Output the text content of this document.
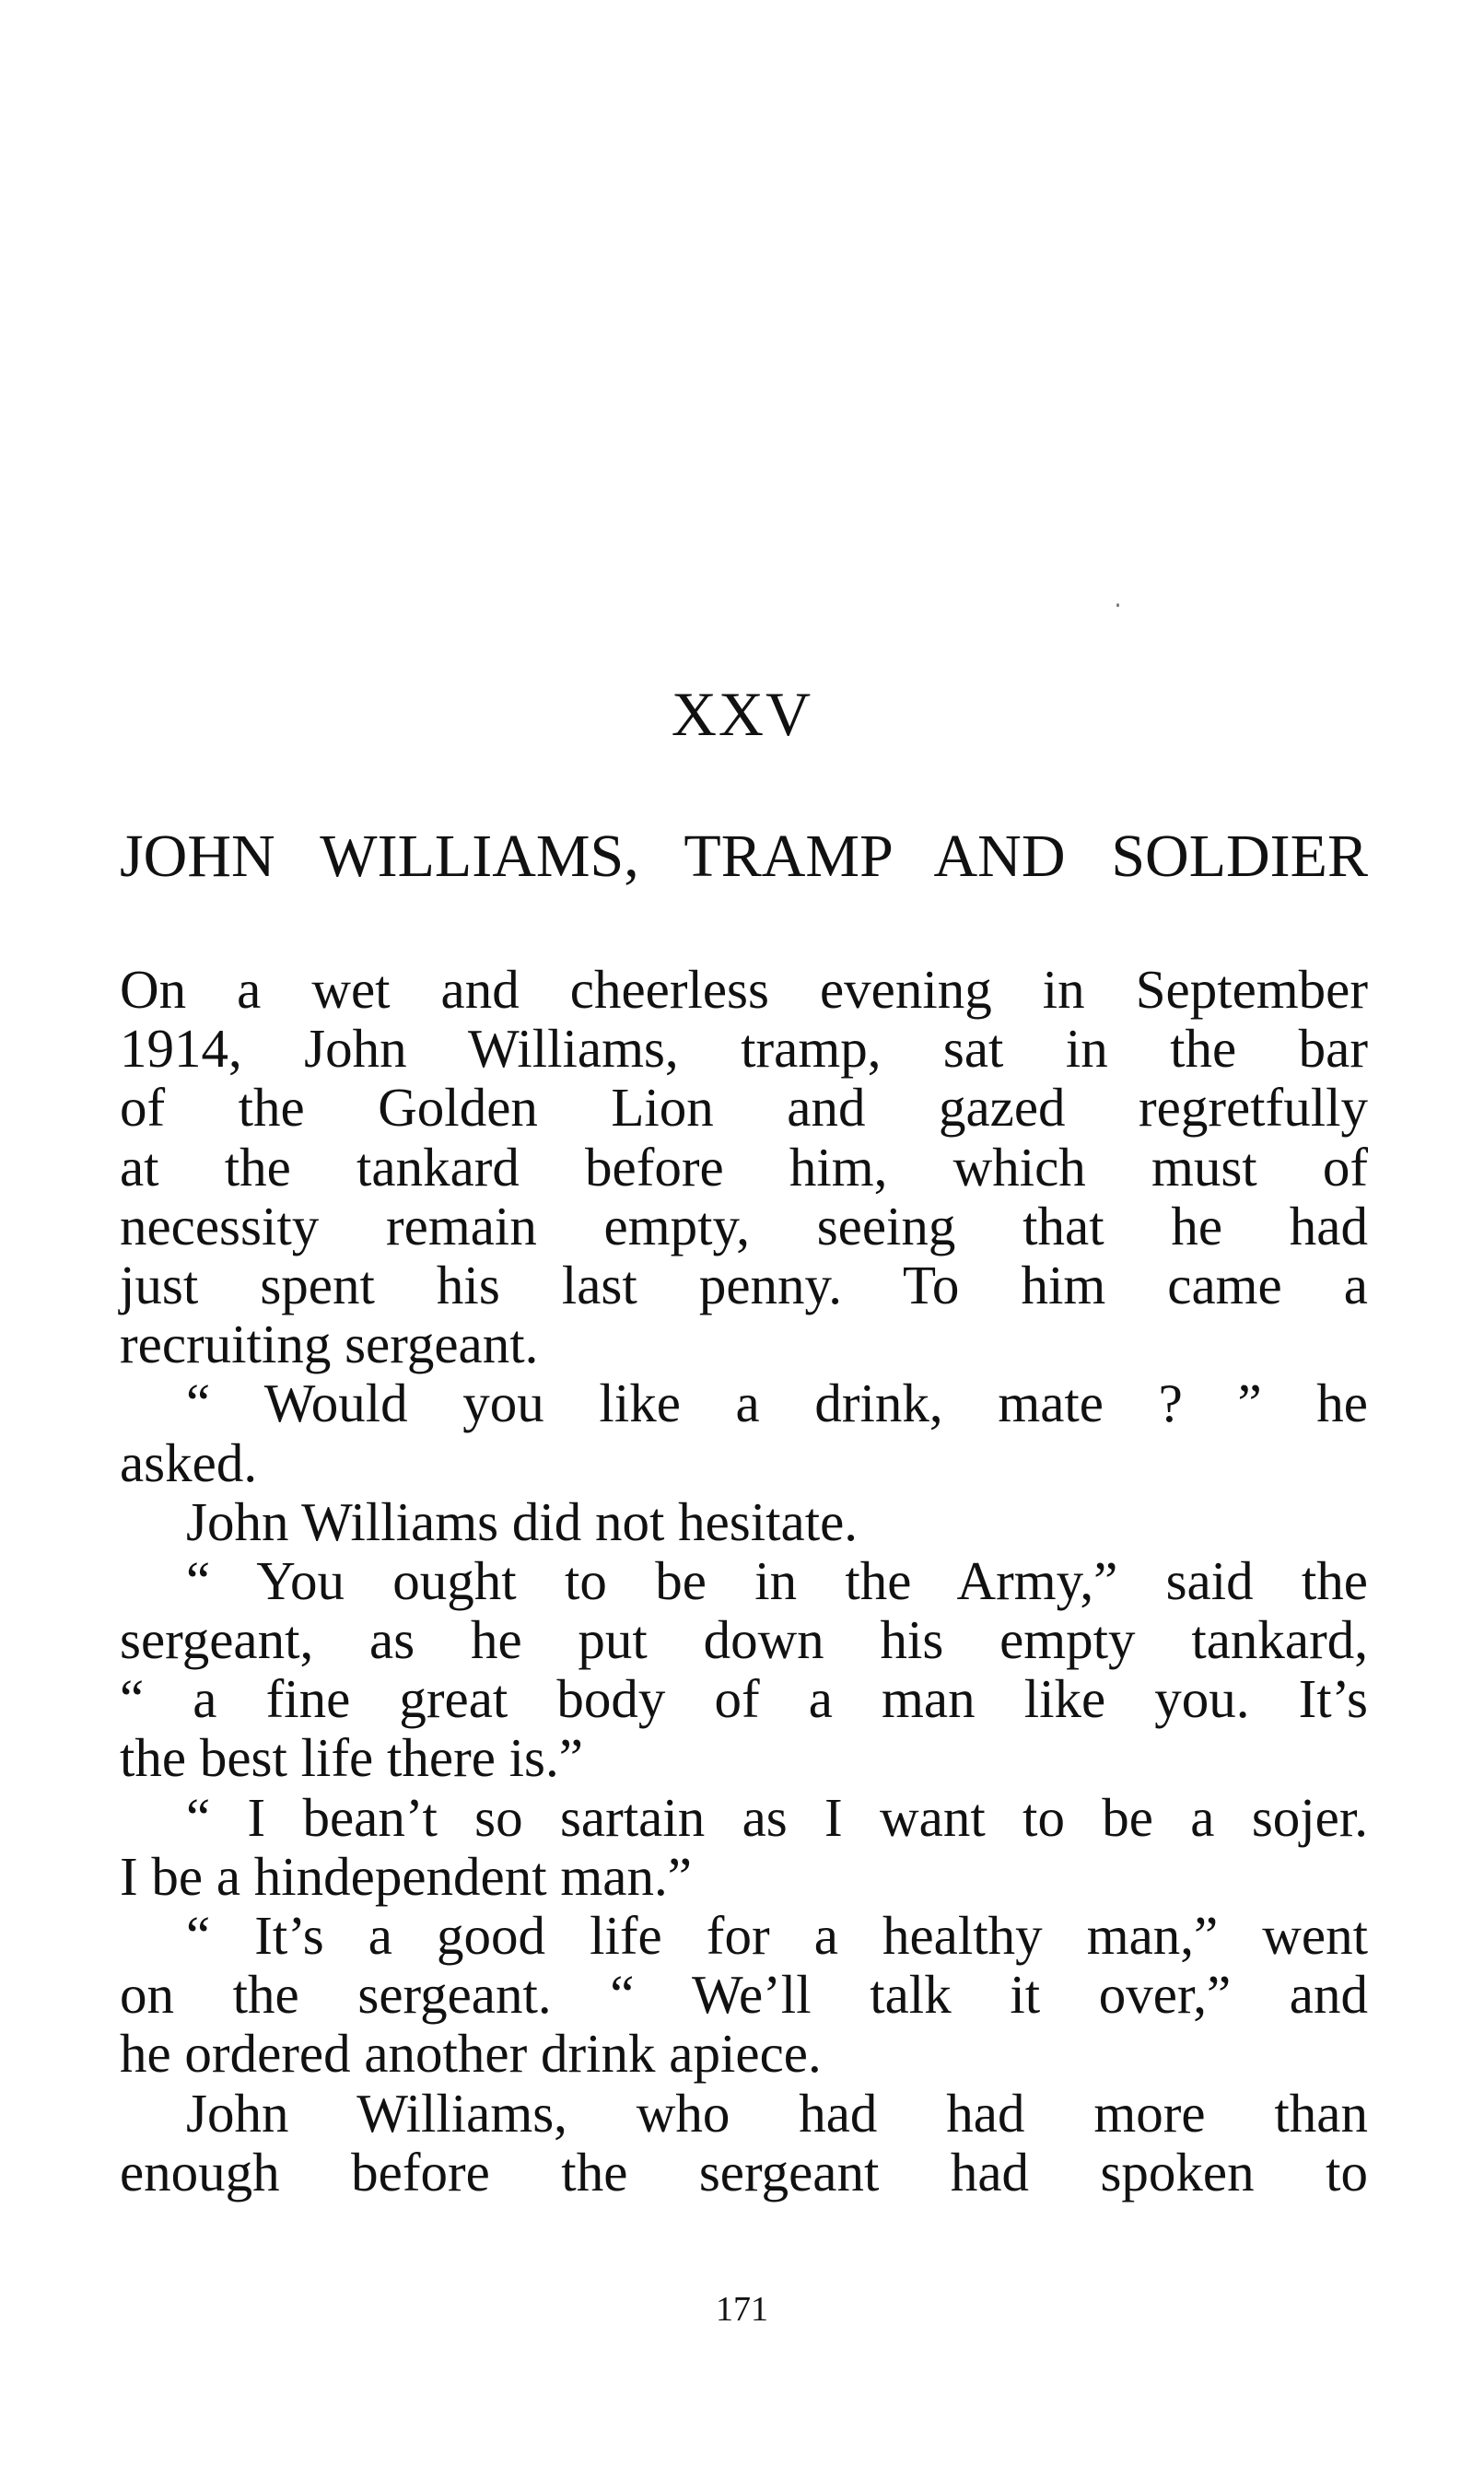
XXV
JOHN WILLIAMS, TRAMP AND SOLDIER
On a wet and cheerless evening in September
1914, John Williams, tramp, sat in the bar
of the Golden Lion and gazed regretfully
at the tankard before him, which must of
necessity remain empty, seeing that he had
just spent his last penny. To him came a
recruiting sergeant.
“ Would you like a drink, mate ? ” he
asked.
John Williams did not hesitate.
“ You ought to be in the Army,” said the
sergeant, as he put down his empty tankard,
“ a fine great body of a man like you. It’s
the best life there is.”
“ I bean’t so sartain as I want to be a sojer.
I be a hindependent man.”
“ It’s a good life for a healthy man,” went
on the sergeant. “ We’ll talk it over,” and
he ordered another drink apiece.
John Williams, who had had more than
enough before the sergeant had spoken to
171
